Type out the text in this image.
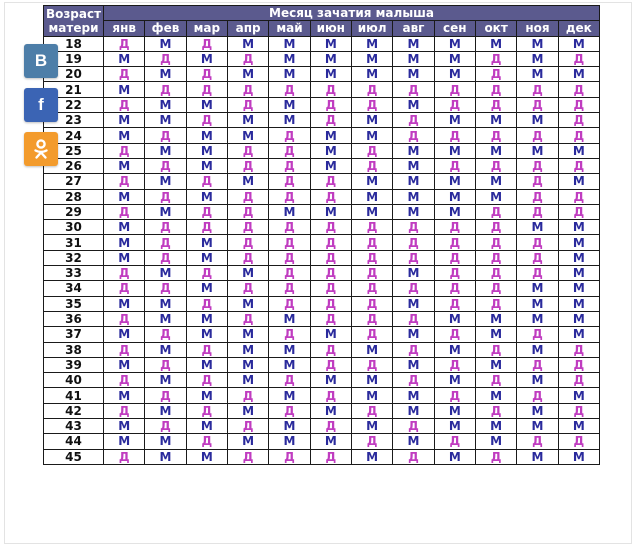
Возраст
матери	Месяц зачатия малыша											
	янв	фев	мар	апр	май	июн	июл	авг	сен	окт	ноя	дек
18	Д	М	Д	М	М	М	М	М	М	М	М	М
19	М	Д	М	Д	М	М	М	М	М	Д	М	Д
20	Д	М	Д	М	М	М	М	М	М	Д	М	М
21	М	Д	Д	Д	Д	Д	Д	Д	Д	Д	Д	Д
22	Д	М	М	Д	М	Д	Д	М	Д	Д	Д	Д
23	М	М	Д	М	М	Д	М	Д	М	М	М	Д
24	М	Д	М	М	Д	М	М	Д	Д	Д	Д	Д
25	Д	М	М	Д	Д	М	Д	М	М	М	М	М
26	М	Д	М	Д	Д	М	Д	М	Д	Д	Д	Д
27	Д	М	Д	М	Д	Д	М	М	М	М	Д	М
28	М	Д	М	Д	Д	Д	М	М	М	М	Д	Д
29	Д	М	Д	Д	М	М	М	М	М	Д	Д	Д
30	М	Д	Д	Д	Д	Д	Д	Д	Д	Д	М	М
31	М	Д	М	Д	Д	Д	Д	Д	Д	Д	Д	М
32	М	Д	М	Д	Д	Д	Д	Д	Д	Д	Д	М
33	Д	М	Д	М	Д	Д	Д	М	Д	Д	Д	М
34	Д	Д	М	Д	Д	Д	Д	Д	Д	Д	М	М
35	М	М	Д	М	Д	Д	Д	М	Д	Д	М	М
36	Д	М	М	Д	М	Д	Д	Д	М	М	М	М
37	М	Д	М	М	Д	М	Д	М	Д	М	Д	М
38	Д	М	Д	М	М	Д	М	Д	М	Д	М	Д
39	М	Д	М	М	М	Д	Д	М	Д	М	Д	Д
40	Д	М	Д	М	Д	М	М	Д	М	Д	М	Д
41	М	Д	М	Д	М	Д	М	М	Д	М	Д	М
42	Д	М	Д	М	Д	М	Д	М	М	Д	М	Д
43	М	Д	М	Д	М	Д	М	Д	М	М	М	М
44	М	М	Д	М	М	М	Д	М	Д	М	Д	Д
45	Д	М	М	Д	Д	Д	М	Д	М	Д	М	М
В
f
